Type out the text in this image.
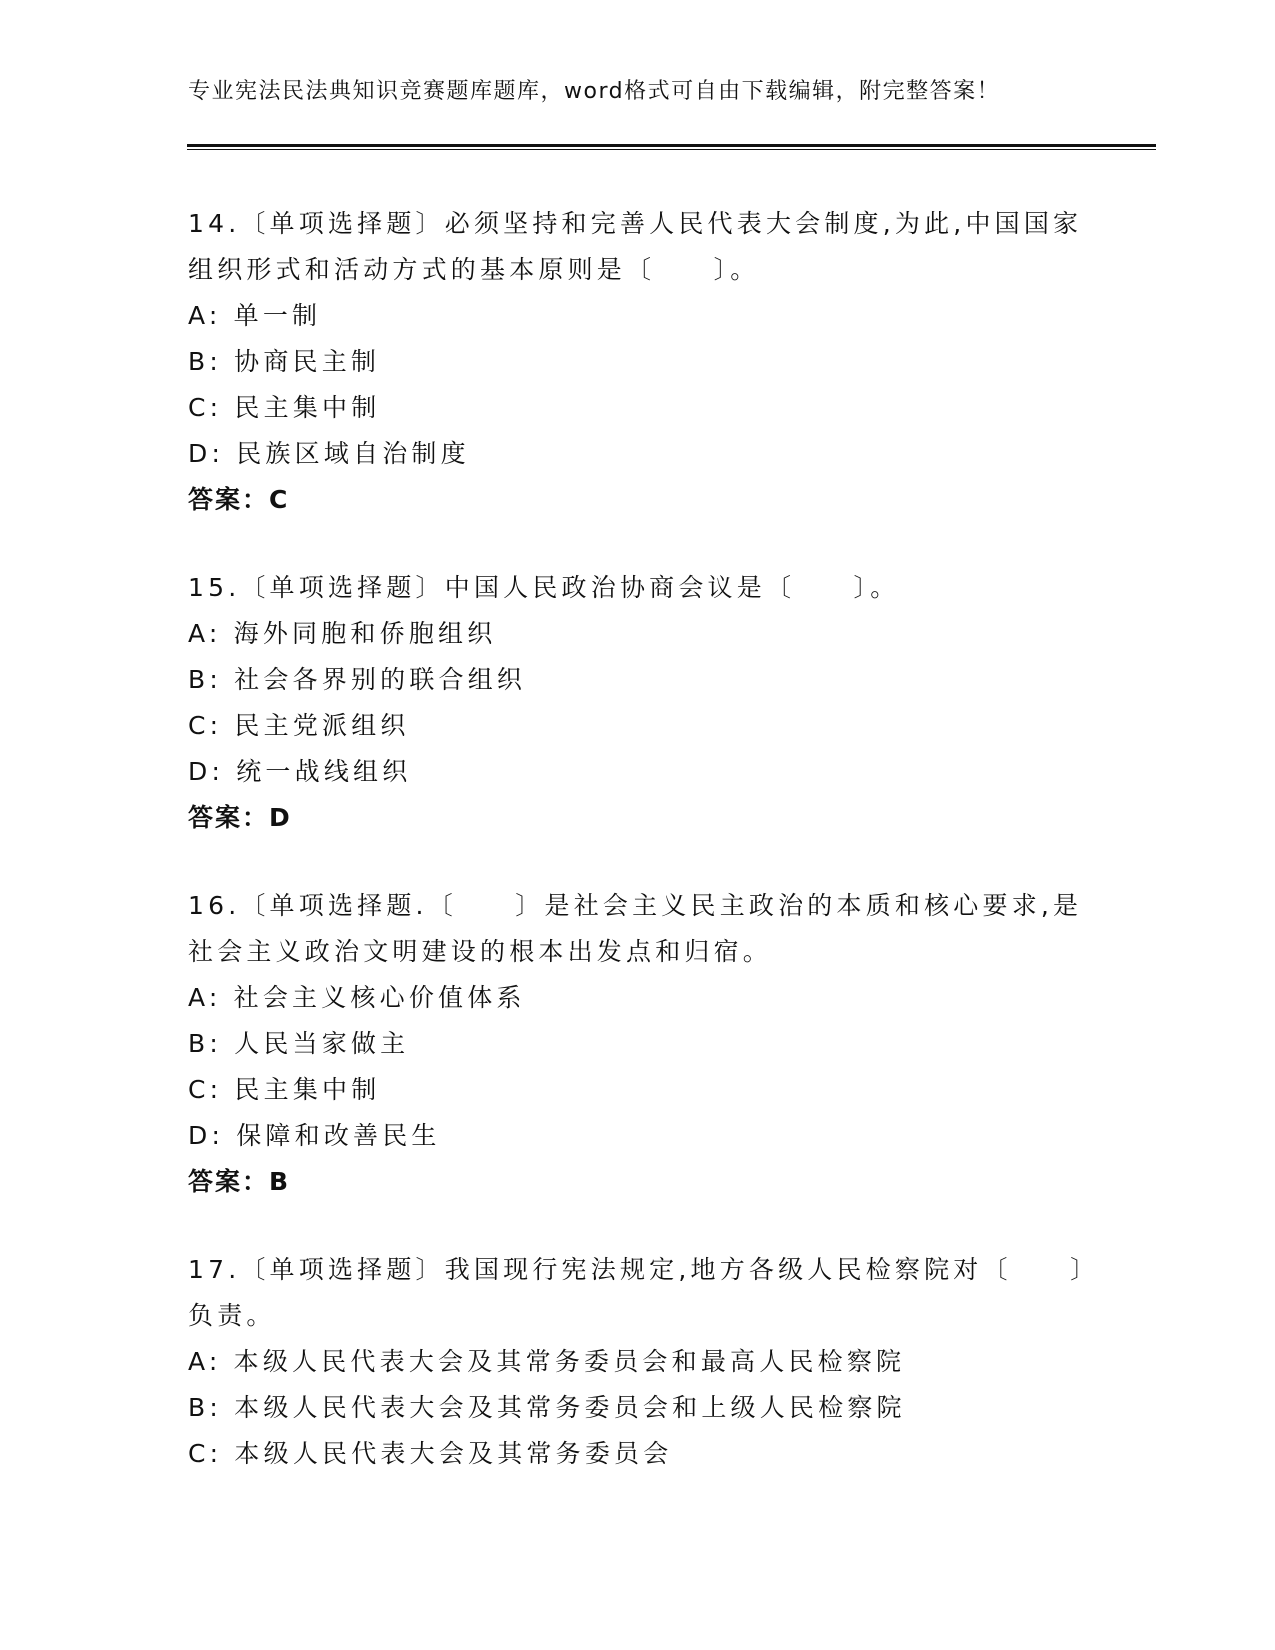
专业宪法民法典知识竞赛题库题库，word格式可自由下载编辑，附完整答案！
14.〔单项选择题〕必须坚持和完善人民代表大会制度,为此,中国国家
组织形式和活动方式的基本原则是〔　　〕。
A: 单一制
B: 协商民主制
C: 民主集中制
D: 民族区域自治制度
答案：C
15.〔单项选择题〕中国人民政治协商会议是〔　　〕。
A: 海外同胞和侨胞组织
B: 社会各界别的联合组织
C: 民主党派组织
D: 统一战线组织
答案：D
16.〔单项选择题.〔　　〕是社会主义民主政治的本质和核心要求,是
社会主义政治文明建设的根本出发点和归宿。
A: 社会主义核心价值体系
B: 人民当家做主
C: 民主集中制
D: 保障和改善民生
答案：B
17.〔单项选择题〕我国现行宪法规定,地方各级人民检察院对〔　　〕
负责。
A: 本级人民代表大会及其常务委员会和最高人民检察院
B: 本级人民代表大会及其常务委员会和上级人民检察院
C: 本级人民代表大会及其常务委员会
